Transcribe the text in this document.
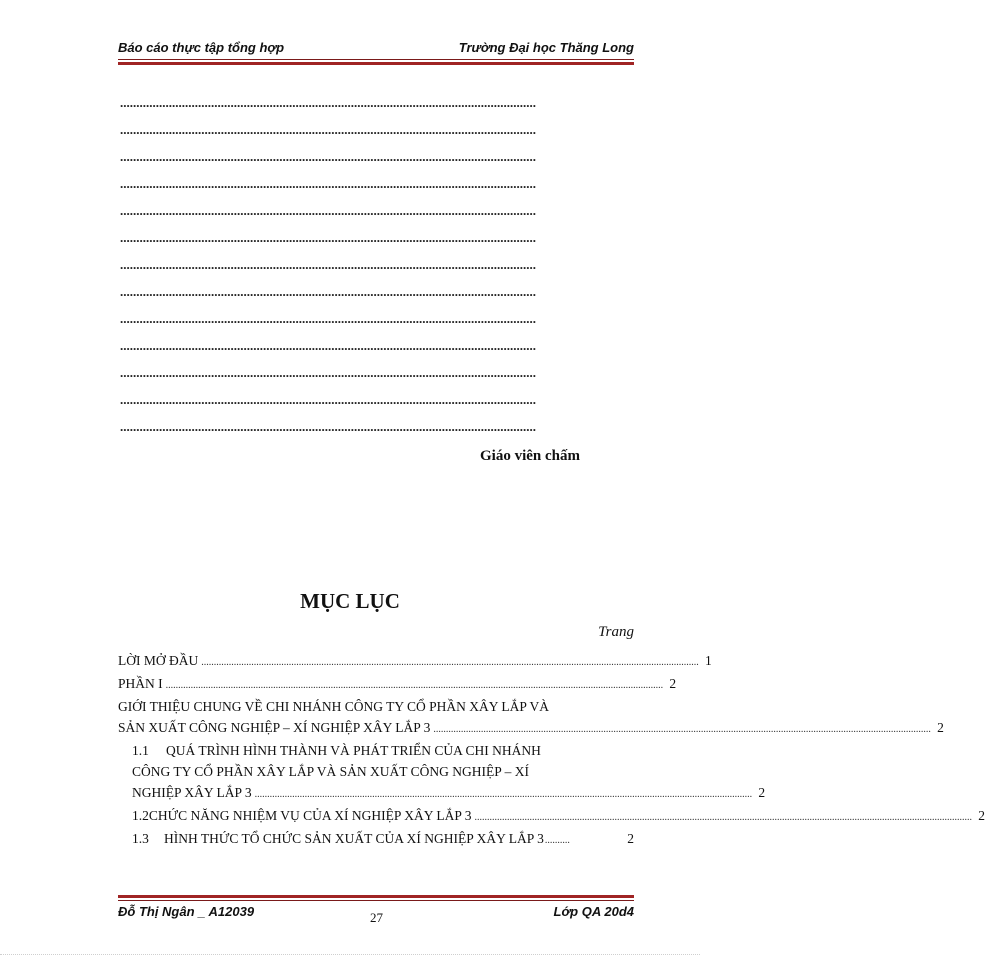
Báo cáo thực tập tổng hợp	Trường Đại học Thăng Long
................................................................................................................................
................................................................................................................................
................................................................................................................................
................................................................................................................................
................................................................................................................................
................................................................................................................................
................................................................................................................................
................................................................................................................................
................................................................................................................................
................................................................................................................................
................................................................................................................................
................................................................................................................................
................................................................................................................................
Giáo viên chấm
MỤC LỤC
Trang
LỜI MỞ ĐẦU ....................................................................................................................................................................................................... 1
PHẦN I ....................................................................................................................................................................................................... 2
GIỚI THIỆU CHUNG VỀ CHI NHÁNH CÔNG TY CỔ PHẦN XÂY LẮP VÀ
SẢN XUẤT CÔNG NGHIỆP – XÍ NGHIỆP XÂY LẮP 3 ....................................................................................................................................................................................................... 2
1.1 QUÁ TRÌNH HÌNH THÀNH VÀ PHÁT TRIỂN CỦA CHI NHÁNH
CÔNG TY CỔ PHẦN XÂY LẮP VÀ SẢN XUẤT CÔNG NGHIỆP – XÍ
NGHIỆP XÂY LẮP 3 ....................................................................................................................................................................................................... 2
1.2 CHỨC NĂNG NHIỆM VỤ CỦA XÍ NGHIỆP XÂY LẮP 3 ....................................................................................................................................................................................................... 2
1.3	HÌNH THỨC TỔ CHỨC SẢN XUẤT CỦA XÍ NGHIỆP XÂY LẮP 3 ..........	2
Đỗ Thị Ngân _ A12039	27	Lớp QA 20d4
